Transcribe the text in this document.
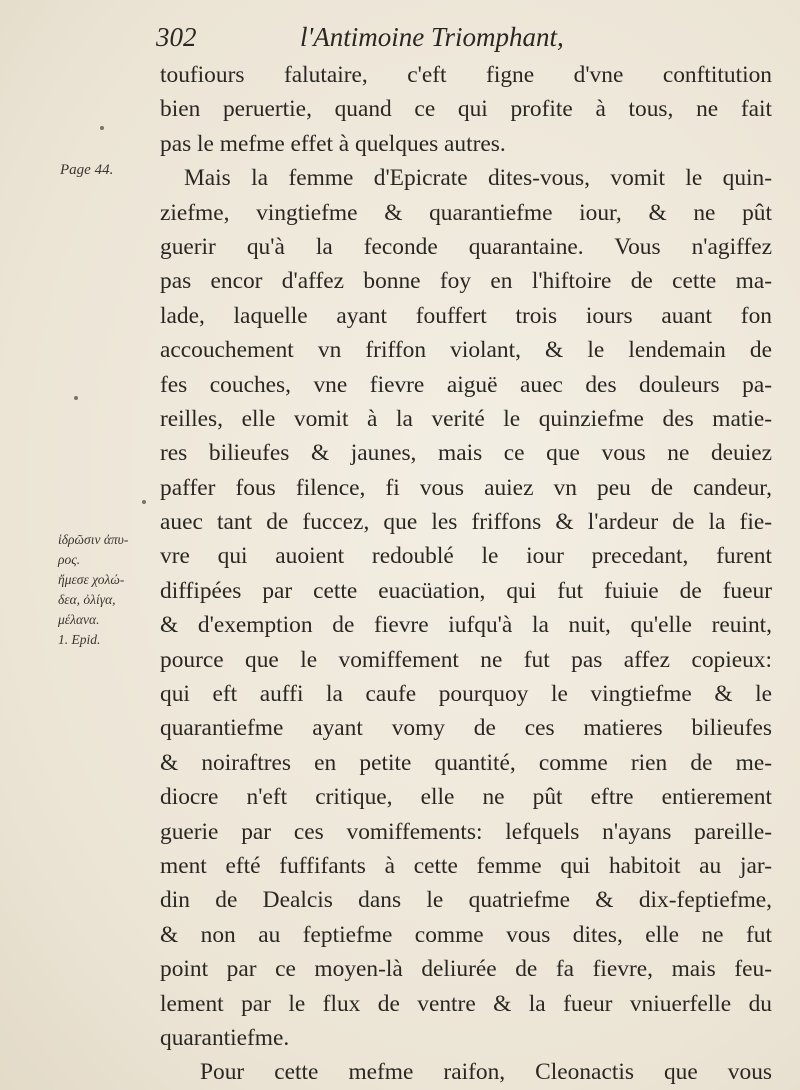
302	l'Antimoine Triomphant,
Page 44.
ἱδρῶσιν ἀπυ-
ρος.
ἤμεσε χολώ-
δεα, ὀλίγα,
μέλανα.
1. Epid.
toufiours falutaire, c'eft figne d'vne conftitution
bien peruertie, quand ce qui profite à tous, ne fait
pas le mefme effet à quelques autres.
Mais la femme d'Epicrate dites-vous, vomit le quin-
ziefme, vingtiefme & quarantiefme iour, & ne pût
guerir qu'à la feconde quarantaine. Vous n'agiffez
pas encor d'affez bonne foy en l'hiftoire de cette ma-
lade, laquelle ayant fouffert trois iours auant fon
accouchement vn friffon violant, & le lendemain de
fes couches, vne fievre aiguë auec des douleurs pa-
reilles, elle vomit à la verité le quinziefme des matie-
res bilieufes & jaunes, mais ce que vous ne deuiez
paffer fous filence, fi vous auiez vn peu de candeur,
auec tant de fuccez, que les friffons & l'ardeur de la fie-
vre qui auoient redoublé le iour precedant, furent
diffipées par cette euacüation, qui fut fuiuie de fueur
& d'exemption de fievre iufqu'à la nuit, qu'elle reuint,
pource que le vomiffement ne fut pas affez copieux:
qui eft auffi la caufe pourquoy le vingtiefme & le
quarantiefme ayant vomy de ces matieres bilieufes
& noiraftres en petite quantité, comme rien de me-
diocre n'eft critique, elle ne pût eftre entierement
guerie par ces vomiffements: lefquels n'ayans pareille-
ment efté fuffifants à cette femme qui habitoit au jar-
din de Dealcis dans le quatriefme & dix-feptiefme,
& non au feptiefme comme vous dites, elle ne fut
point par ce moyen-là deliurée de fa fievre, mais feu-
lement par le flux de ventre & la fueur vniuerfelle du
quarantiefme.
Pour cette mefme raifon, Cleonactis que vous
